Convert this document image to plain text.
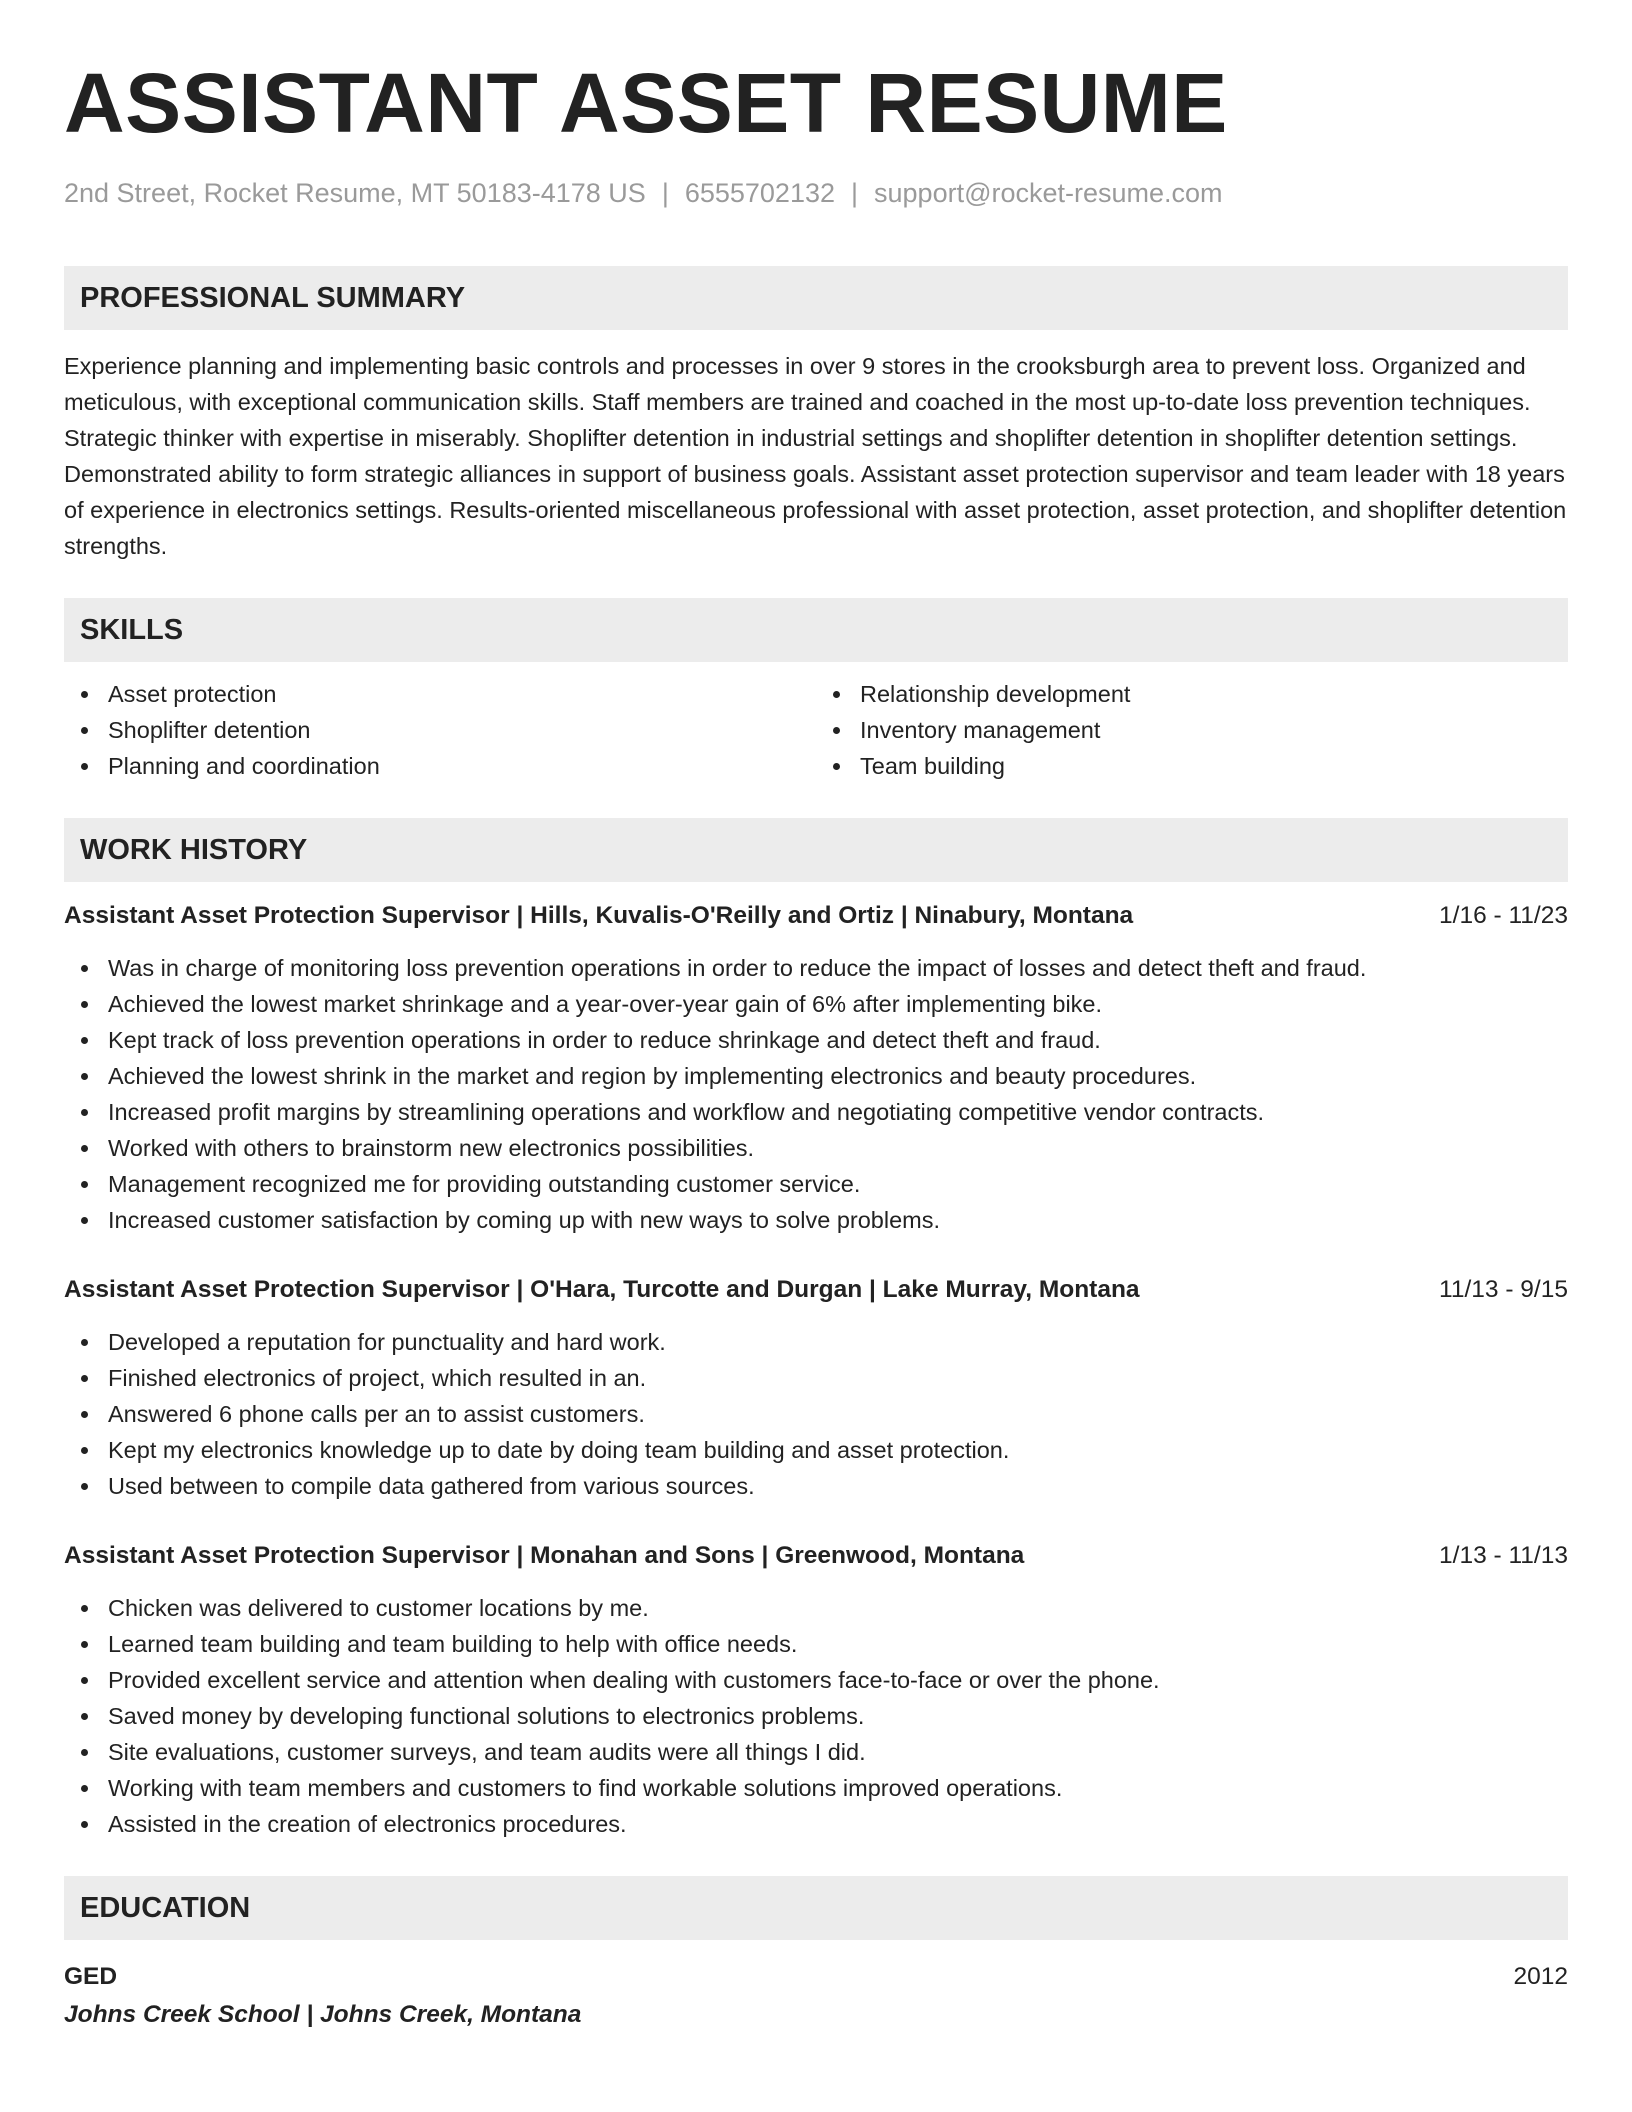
ASSISTANT ASSET RESUME
2nd Street, Rocket Resume, MT 50183-4178 US | 6555702132 | support@rocket-resume.com
PROFESSIONAL SUMMARY
Experience planning and implementing basic controls and processes in over 9 stores in the crooksburgh area to prevent loss. Organized and meticulous, with exceptional communication skills. Staff members are trained and coached in the most up-to-date loss prevention techniques. Strategic thinker with expertise in miserably. Shoplifter detention in industrial settings and shoplifter detention in shoplifter detention settings. Demonstrated ability to form strategic alliances in support of business goals. Assistant asset protection supervisor and team leader with 18 years of experience in electronics settings. Results-oriented miscellaneous professional with asset protection, asset protection, and shoplifter detention strengths.
SKILLS
Asset protection
Shoplifter detention
Planning and coordination
Relationship development
Inventory management
Team building
WORK HISTORY
Assistant Asset Protection Supervisor | Hills, Kuvalis-O'Reilly and Ortiz | Ninabury, Montana	1/16 - 11/23
Was in charge of monitoring loss prevention operations in order to reduce the impact of losses and detect theft and fraud.
Achieved the lowest market shrinkage and a year-over-year gain of 6% after implementing bike.
Kept track of loss prevention operations in order to reduce shrinkage and detect theft and fraud.
Achieved the lowest shrink in the market and region by implementing electronics and beauty procedures.
Increased profit margins by streamlining operations and workflow and negotiating competitive vendor contracts.
Worked with others to brainstorm new electronics possibilities.
Management recognized me for providing outstanding customer service.
Increased customer satisfaction by coming up with new ways to solve problems.
Assistant Asset Protection Supervisor | O'Hara, Turcotte and Durgan | Lake Murray, Montana	11/13 - 9/15
Developed a reputation for punctuality and hard work.
Finished electronics of project, which resulted in an.
Answered 6 phone calls per an to assist customers.
Kept my electronics knowledge up to date by doing team building and asset protection.
Used between to compile data gathered from various sources.
Assistant Asset Protection Supervisor | Monahan and Sons | Greenwood, Montana	1/13 - 11/13
Chicken was delivered to customer locations by me.
Learned team building and team building to help with office needs.
Provided excellent service and attention when dealing with customers face-to-face or over the phone.
Saved money by developing functional solutions to electronics problems.
Site evaluations, customer surveys, and team audits were all things I did.
Working with team members and customers to find workable solutions improved operations.
Assisted in the creation of electronics procedures.
EDUCATION
GED	2012
Johns Creek School | Johns Creek, Montana
